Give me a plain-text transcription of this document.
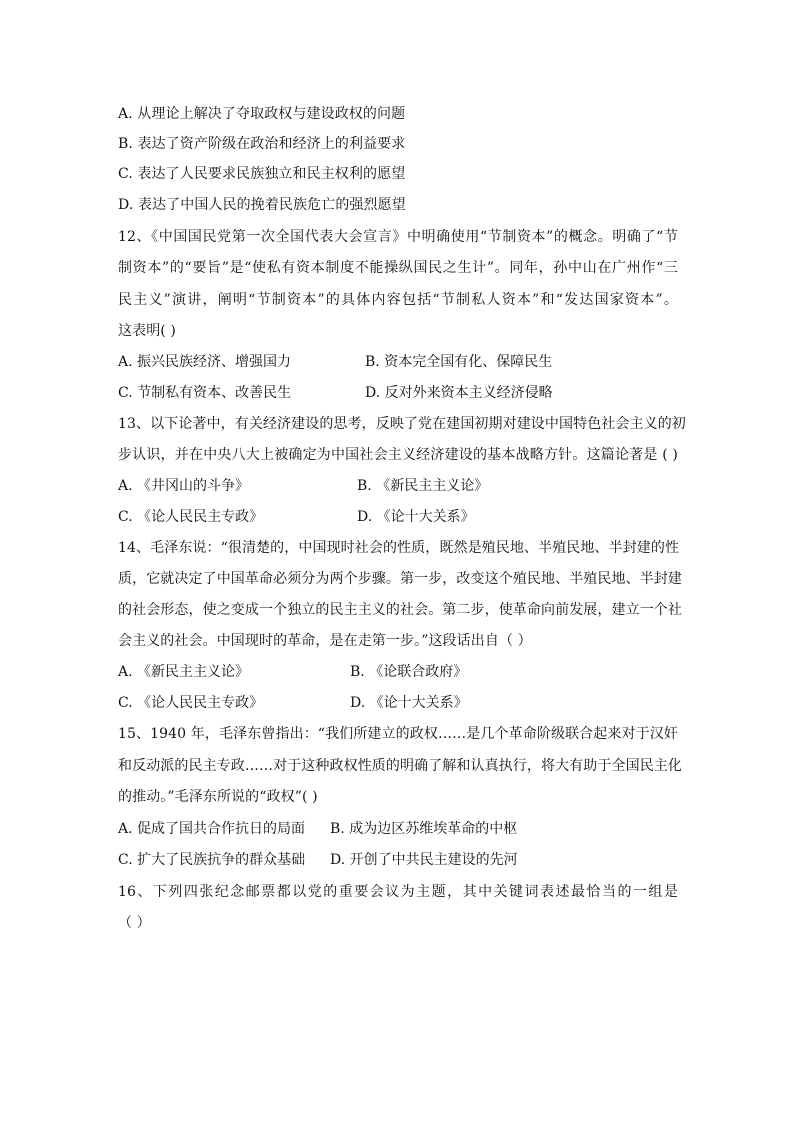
A. 从理论上解决了夺取政权与建设政权的问题
B. 表达了资产阶级在政治和经济上的利益要求
C. 表达了人民要求民族独立和民主权利的愿望
D. 表达了中国人民的挽着民族危亡的强烈愿望
12、《中国国民党第一次全国代表大会宣言》中明确使用“节制资本”的概念。明确了“节
制资本”的“要旨”是“使私有资本制度不能操纵国民之生计”。同年，孙中山在广州作“三
民主义”演讲，阐明“节制资本”的具体内容包括“节制私人资本”和“发达国家资本”。
这表明( )
A. 振兴民族经济、增强国力	B. 资本完全国有化、保障民生
C. 节制私有资本、改善民生	D. 反对外来资本主义经济侵略
13、以下论著中，有关经济建设的思考，反映了党在建国初期对建设中国特色社会主义的初
步认识，并在中央八大上被确定为中国社会主义经济建设的基本战略方针。这篇论著是 ( )
A. 《井冈山的斗争》	B. 《新民主主义论》
C. 《论人民民主专政》	D. 《论十大关系》
14、毛泽东说：“很清楚的，中国现时社会的性质，既然是殖民地、半殖民地、半封建的性
质，它就决定了中国革命必须分为两个步骤。第一步，改变这个殖民地、半殖民地、半封建
的社会形态，使之变成一个独立的民主主义的社会。第二步，使革命向前发展，建立一个社
会主义的社会。中国现时的革命，是在走第一步。”这段话出自（ ）
A. 《新民主主义论》	B. 《论联合政府》
C. 《论人民民主专政》	D. 《论十大关系》
15、1940 年，毛泽东曾指出：“我们所建立的政权……是几个革命阶级联合起来对于汉奸
和反动派的民主专政……对于这种政权性质的明确了解和认真执行，将大有助于全国民主化
的推动。”毛泽东所说的“政权”( )
A. 促成了国共合作抗日的局面 B. 成为边区苏维埃革命的中枢
C. 扩大了民族抗争的群众基础 D. 开创了中共民主建设的先河
16、下列四张纪念邮票都以党的重要会议为主题，其中关键词表述最恰当的一组是
（ ）
